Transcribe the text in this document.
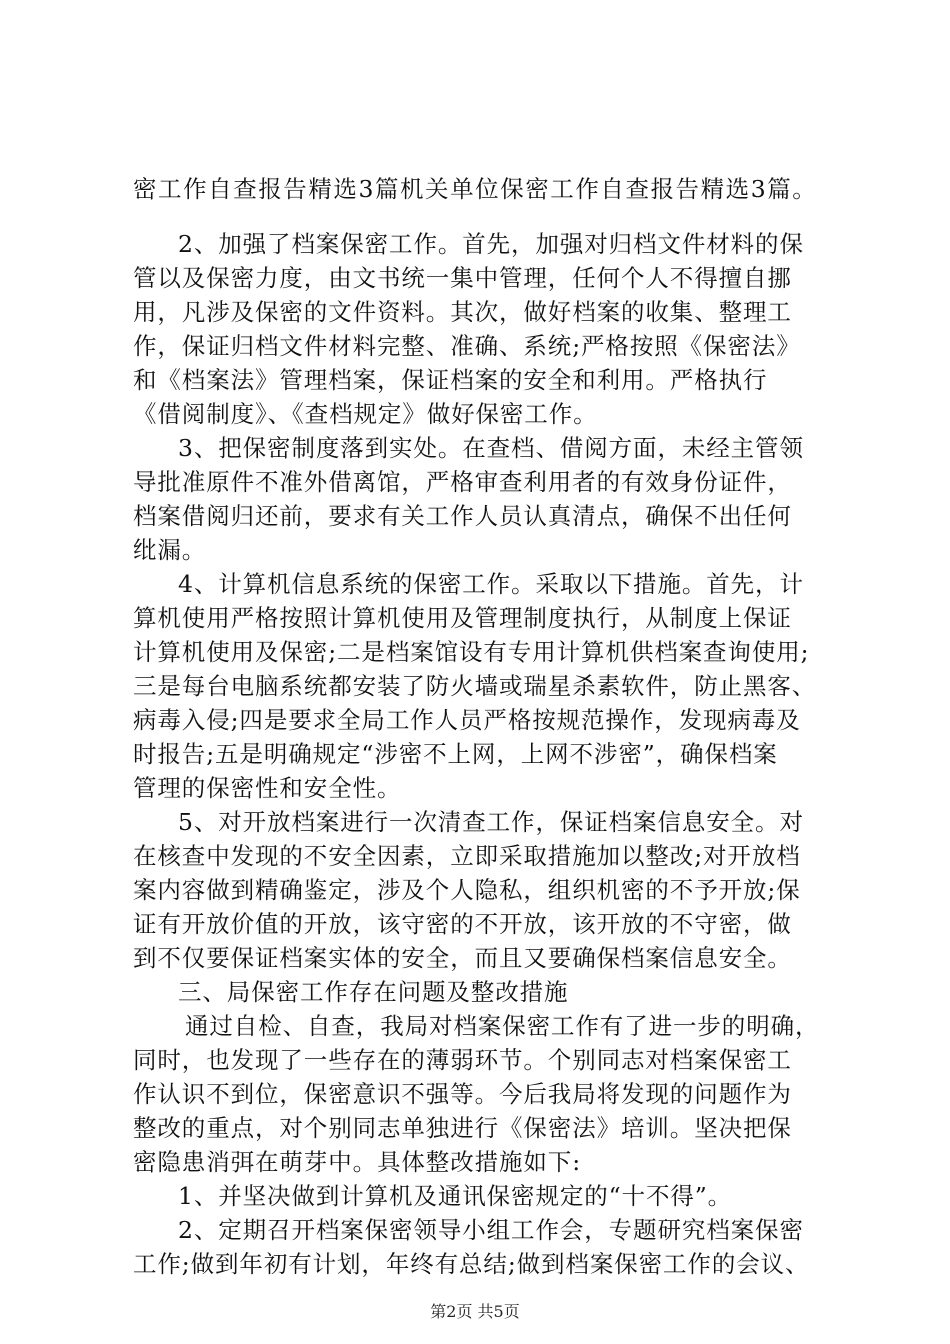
密工作自查报告精选3篇机关单位保密工作自查报告精选3篇。
2、加强了档案保密工作。首先，加强对归档文件材料的保
管以及保密力度，由文书统一集中管理，任何个人不得擅自挪
用，凡涉及保密的文件资料。其次，做好档案的收集、整理工
作，保证归档文件材料完整、准确、系统;严格按照《保密法》
和《档案法》管理档案，保证档案的安全和利用。严格执行
《借阅制度》、《查档规定》做好保密工作。
3、把保密制度落到实处。在查档、借阅方面，未经主管领
导批准原件不准外借离馆，严格审查利用者的有效身份证件，
档案借阅归还前，要求有关工作人员认真清点，确保不出任何
纰漏。
4、计算机信息系统的保密工作。采取以下措施。首先，计
算机使用严格按照计算机使用及管理制度执行，从制度上保证
计算机使用及保密;二是档案馆设有专用计算机供档案查询使用;
三是每台电脑系统都安装了防火墙或瑞星杀素软件，防止黑客、
病毒入侵;四是要求全局工作人员严格按规范操作，发现病毒及
时报告;五是明确规定“涉密不上网，上网不涉密”，确保档案
管理的保密性和安全性。
5、对开放档案进行一次清查工作，保证档案信息安全。对
在核查中发现的不安全因素，立即采取措施加以整改;对开放档
案内容做到精确鉴定，涉及个人隐私，组织机密的不予开放;保
证有开放价值的开放，该守密的不开放，该开放的不守密，做
到不仅要保证档案实体的安全，而且又要确保档案信息安全。
三、局保密工作存在问题及整改措施
通过自检、自查，我局对档案保密工作有了进一步的明确，
同时，也发现了一些存在的薄弱环节。个别同志对档案保密工
作认识不到位，保密意识不强等。今后我局将发现的问题作为
整改的重点，对个别同志单独进行《保密法》培训。坚决把保
密隐患消弭在萌芽中。具体整改措施如下:
1、并坚决做到计算机及通讯保密规定的“十不得”。
2、定期召开档案保密领导小组工作会，专题研究档案保密
工作;做到年初有计划，年终有总结;做到档案保密工作的会议、
第2页 共5页
